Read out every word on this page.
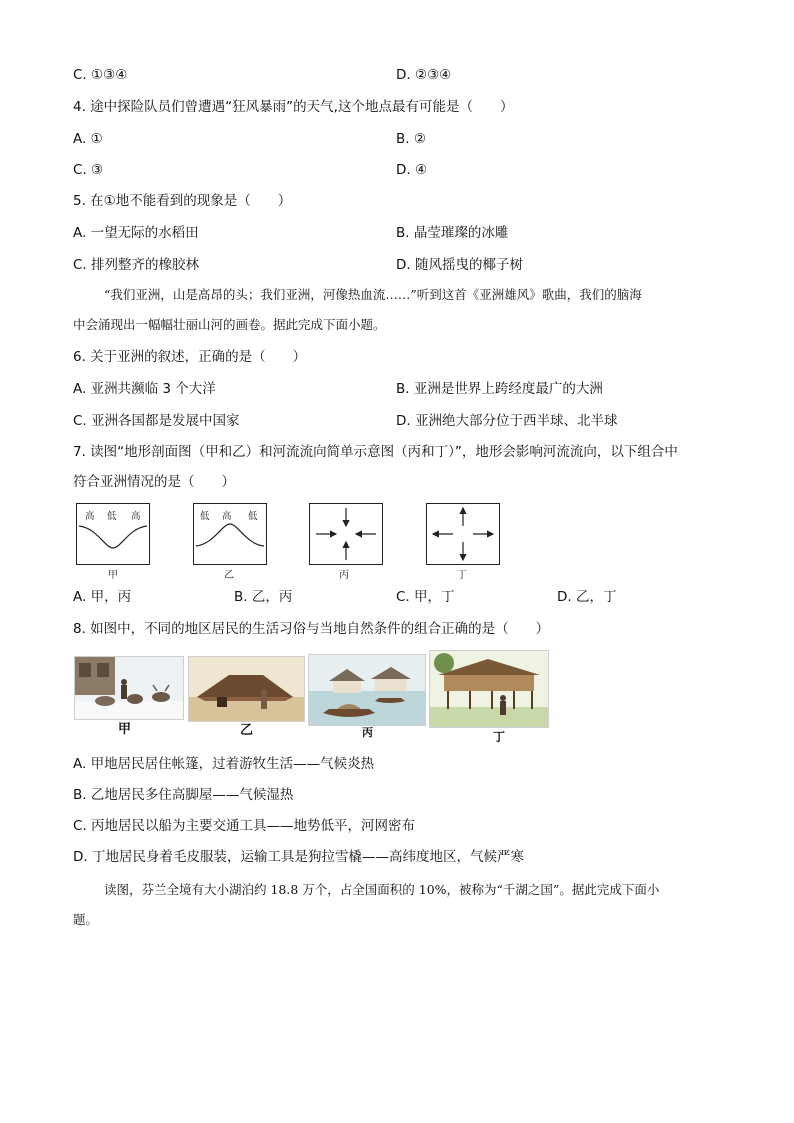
C. ①③④	D. ②③④
4. 途中探险队员们曾遭遇“狂风暴雨”的天气,这个地点最有可能是（　　）
A. ①	B. ②
C. ③	D. ④
5. 在①地不能看到的现象是（　　）
A. 一望无际的水稻田	B. 晶莹璀璨的冰雕
C. 排列整齐的橡胶林	D. 随风摇曳的椰子树
“我们亚洲，山是高昂的头；我们亚洲，河像热血流……”听到这首《亚洲雄风》歌曲，我们的脑海
中会涌现出一幅幅壮丽山河的画卷。据此完成下面小题。
6. 关于亚洲的叙述，正确的是（　　）
A. 亚洲共濒临 3 个大洋	B. 亚洲是世界上跨经度最广的大洲
C. 亚洲各国都是发展中国家	D. 亚洲绝大部分位于西半球、北半球
7. 读图“地形剖面图（甲和乙）和河流流向简单示意图（丙和丁）”，地形会影响河流流向，以下组合中
符合亚洲情况的是（　　）
高 低 高
甲
低 高 低
乙	丙	丁
A. 甲，丙	B. 乙，丙	C. 甲，丁	D. 乙，丁
8. 如图中，不同的地区居民的生活习俗与当地自然条件的组合正确的是（　　）
甲	乙	丙	丁
A. 甲地居民居住帐篷，过着游牧生活——气候炎热
B. 乙地居民多住高脚屋——气候湿热
C. 丙地居民以船为主要交通工具——地势低平，河网密布
D. 丁地居民身着毛皮服装，运输工具是狗拉雪橇——高纬度地区，气候严寒
读图，芬兰全境有大小湖泊约 18.8 万个，占全国面积的 10%，被称为“千湖之国”。据此完成下面小
题。
